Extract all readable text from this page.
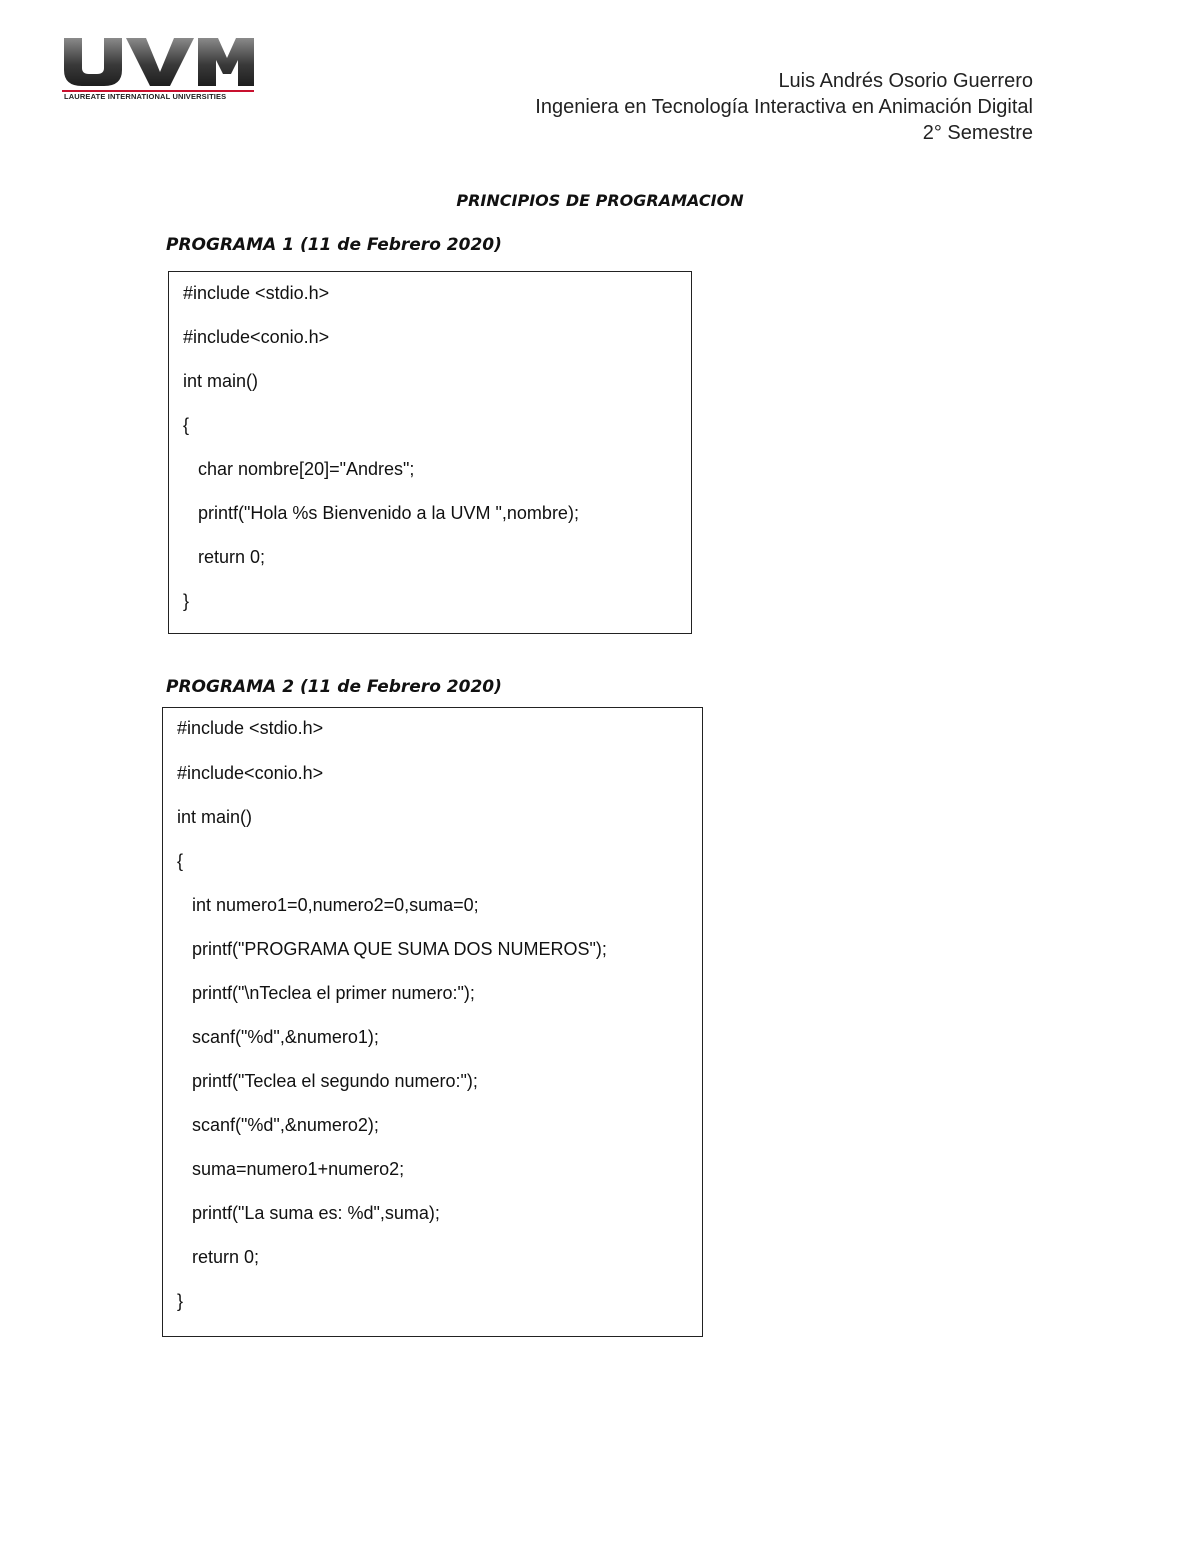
LAUREATE INTERNATIONAL UNIVERSITIES
Luis Andrés Osorio Guerrero
Ingeniera en Tecnología Interactiva en Animación Digital
2° Semestre
PRINCIPIOS DE PROGRAMACION
PROGRAMA 1 (11 de Febrero 2020)
#include <stdio.h>
#include<conio.h>
int main()
{
char nombre[20]="Andres";
printf("Hola %s Bienvenido a la UVM ",nombre);
return 0;
}
PROGRAMA 2 (11 de Febrero 2020)
#include <stdio.h>
#include<conio.h>
int main()
{
int numero1=0,numero2=0,suma=0;
printf("PROGRAMA QUE SUMA DOS NUMEROS");
printf("\nTeclea el primer numero:");
scanf("%d",&numero1);
printf("Teclea el segundo numero:");
scanf("%d",&numero2);
suma=numero1+numero2;
printf("La suma es: %d",suma);
return 0;
}
